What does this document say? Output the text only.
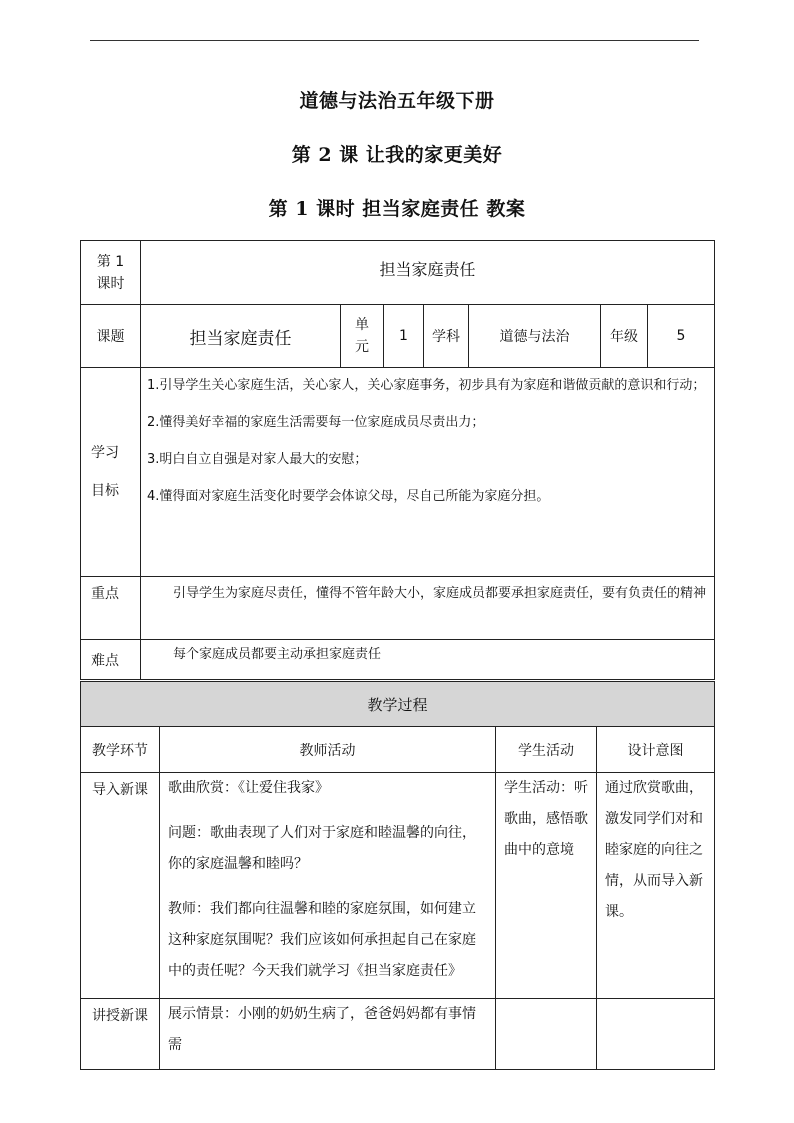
道德与法治五年级下册
第 2 课 让我的家更美好
第 1 课时 担当家庭责任 教案
第 1 课时	担当家庭责任						
课题	担当家庭责任	单元	1	学科	道德与法治	年级	5

学习目标	1.引导学生关心家庭生活，关心家人，关心家庭事务，初步具有为家庭和谐做贡献的意识和行动；

2.懂得美好幸福的家庭生活需要每一位家庭成员尽责出力；

3.明白自立自强是对家人最大的安慰；

4.懂得面对家庭生活变化时要学会体谅父母，尽自己所能为家庭分担。						

重点	引导学生为家庭尽责任，懂得不管年龄大小，家庭成员都要承担家庭责任，要有负责任的精神						
难点	每个家庭成员都要主动承担家庭责任						
教学过程			
教学环节	教师活动	学生活动	设计意图
导入新课	歌曲欣赏：《让爱住我家》

问题：歌曲表现了人们对于家庭和睦温馨的向往，你的家庭温馨和睦吗？

教师：我们都向往温馨和睦的家庭氛围，如何建立这种家庭氛围呢？我们应该如何承担起自己在家庭中的责任呢？今天我们就学习《担当家庭责任》	学生活动：听歌曲，感悟歌曲中的意境	通过欣赏歌曲，激发同学们对和睦家庭的向往之情，从而导入新课。
讲授新课	展示情景：小刚的奶奶生病了，爸爸妈妈都有事情需		
